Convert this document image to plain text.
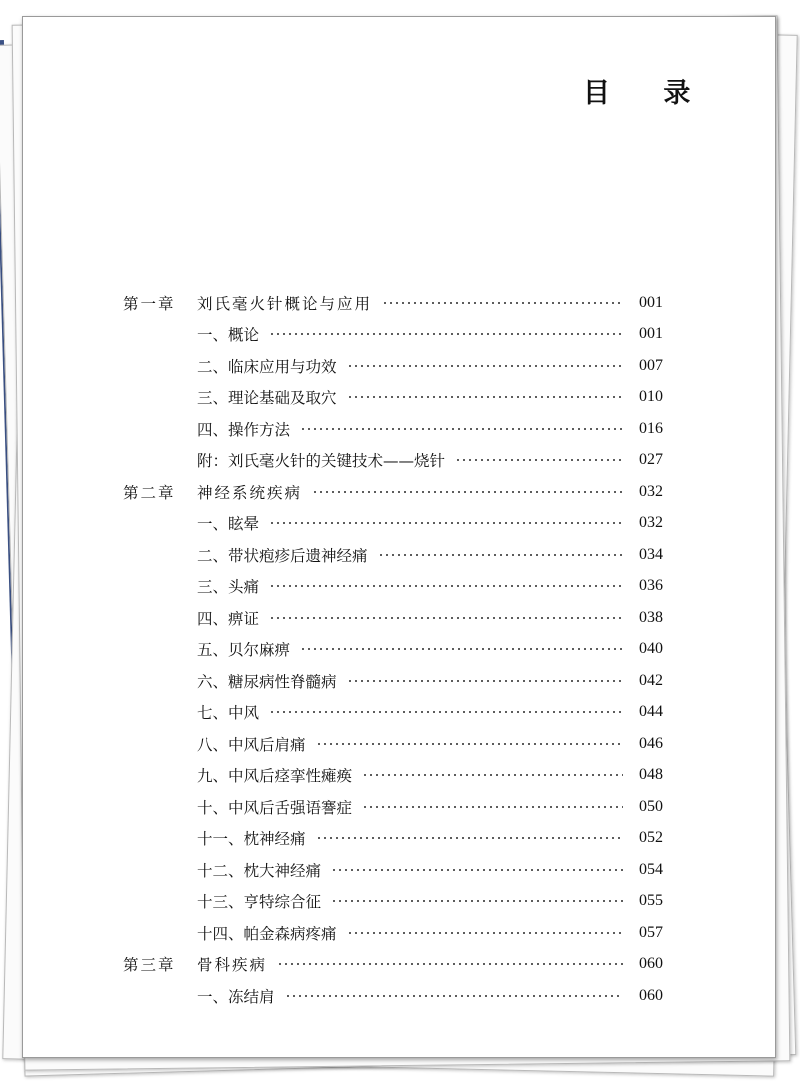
目 录
第一章	刘氏毫火针概论与应用	001
一、概论	001
二、临床应用与功效	007
三、理论基础及取穴	010
四、操作方法	016
附：刘氏毫火针的关键技术——烧针	027
第二章	神经系统疾病	032
一、眩晕	032
二、带状疱疹后遗神经痛	034
三、头痛	036
四、痹证	038
五、贝尔麻痹	040
六、糖尿病性脊髓病	042
七、中风	044
八、中风后肩痛	046
九、中风后痉挛性瘫痪	048
十、中风后舌强语謇症	050
十一、枕神经痛	052
十二、枕大神经痛	054
十三、亨特综合征	055
十四、帕金森病疼痛	057
第三章	骨科疾病	060
一、冻结肩	060
